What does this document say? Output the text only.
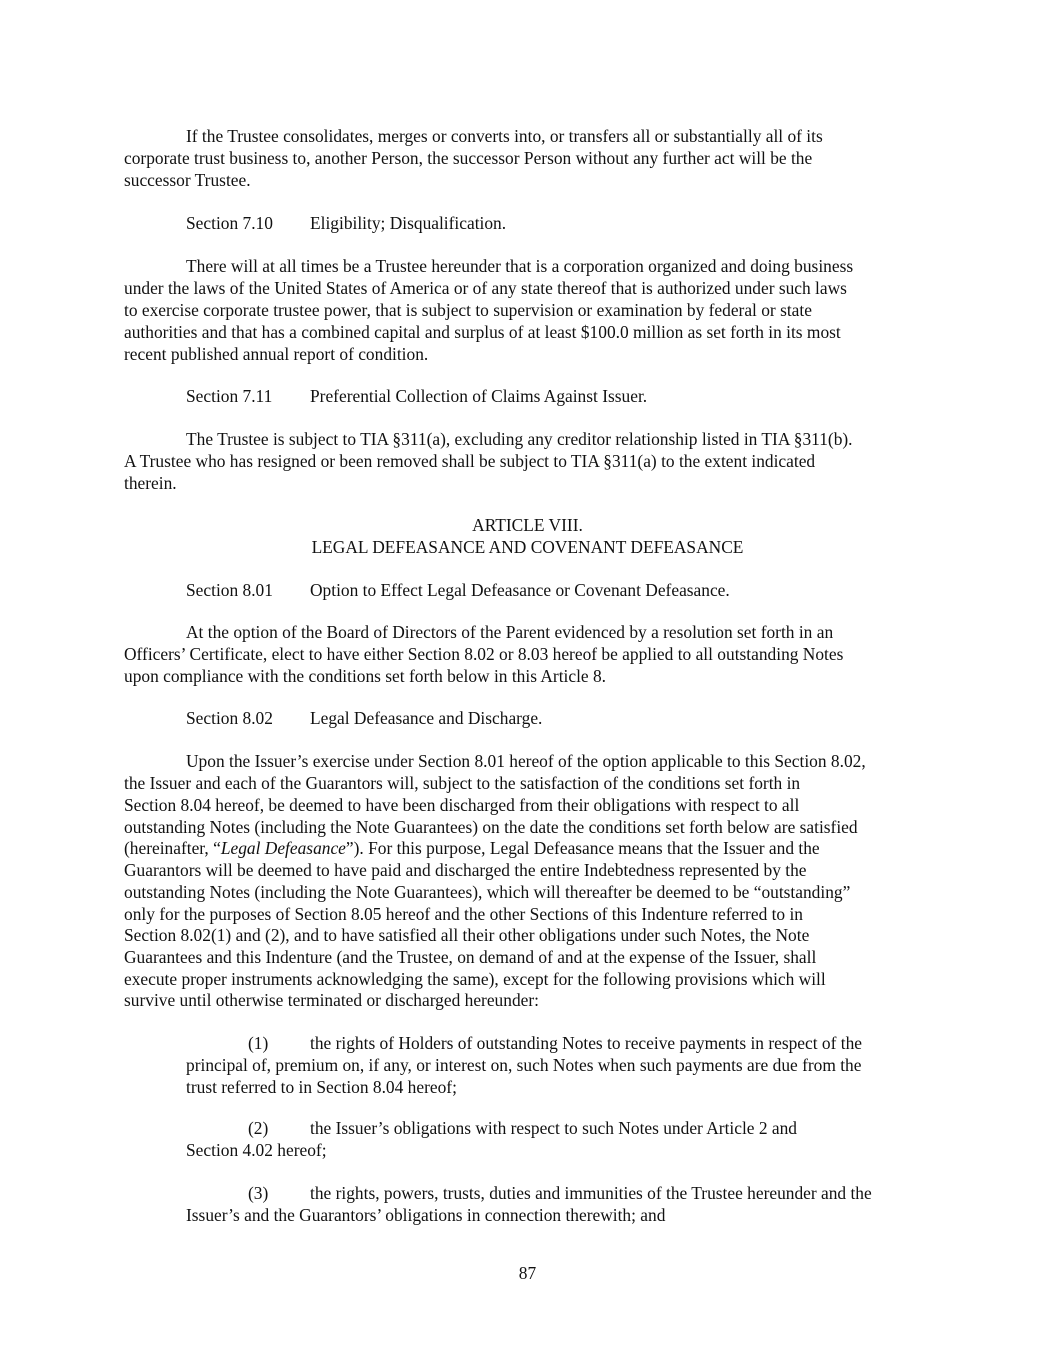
If the Trustee consolidates, merges or converts into, or transfers all or substantially all of its
corporate trust business to, another Person, the successor Person without any further act will be the
successor Trustee.
Section 7.10 Eligibility; Disqualification.
There will at all times be a Trustee hereunder that is a corporation organized and doing business
under the laws of the United States of America or of any state thereof that is authorized under such laws
to exercise corporate trustee power, that is subject to supervision or examination by federal or state
authorities and that has a combined capital and surplus of at least $100.0 million as set forth in its most
recent published annual report of condition.
Section 7.11 Preferential Collection of Claims Against Issuer.
The Trustee is subject to TIA §311(a), excluding any creditor relationship listed in TIA §311(b).
A Trustee who has resigned or been removed shall be subject to TIA §311(a) to the extent indicated
therein.
ARTICLE VIII.
LEGAL DEFEASANCE AND COVENANT DEFEASANCE
Section 8.01 Option to Effect Legal Defeasance or Covenant Defeasance.
At the option of the Board of Directors of the Parent evidenced by a resolution set forth in an
Officers’ Certificate, elect to have either Section 8.02 or 8.03 hereof be applied to all outstanding Notes
upon compliance with the conditions set forth below in this Article 8.
Section 8.02 Legal Defeasance and Discharge.
Upon the Issuer’s exercise under Section 8.01 hereof of the option applicable to this Section 8.02,
the Issuer and each of the Guarantors will, subject to the satisfaction of the conditions set forth in
Section 8.04 hereof, be deemed to have been discharged from their obligations with respect to all
outstanding Notes (including the Note Guarantees) on the date the conditions set forth below are satisfied
(hereinafter, “Legal Defeasance”). For this purpose, Legal Defeasance means that the Issuer and the
Guarantors will be deemed to have paid and discharged the entire Indebtedness represented by the
outstanding Notes (including the Note Guarantees), which will thereafter be deemed to be “outstanding”
only for the purposes of Section 8.05 hereof and the other Sections of this Indenture referred to in
Section 8.02(1) and (2), and to have satisfied all their other obligations under such Notes, the Note
Guarantees and this Indenture (and the Trustee, on demand of and at the expense of the Issuer, shall
execute proper instruments acknowledging the same), except for the following provisions which will
survive until otherwise terminated or discharged hereunder:
(1) the rights of Holders of outstanding Notes to receive payments in respect of the
principal of, premium on, if any, or interest on, such Notes when such payments are due from the
trust referred to in Section 8.04 hereof;
(2) the Issuer’s obligations with respect to such Notes under Article 2 and
Section 4.02 hereof;
(3) the rights, powers, trusts, duties and immunities of the Trustee hereunder and the
Issuer’s and the Guarantors’ obligations in connection therewith; and
87
